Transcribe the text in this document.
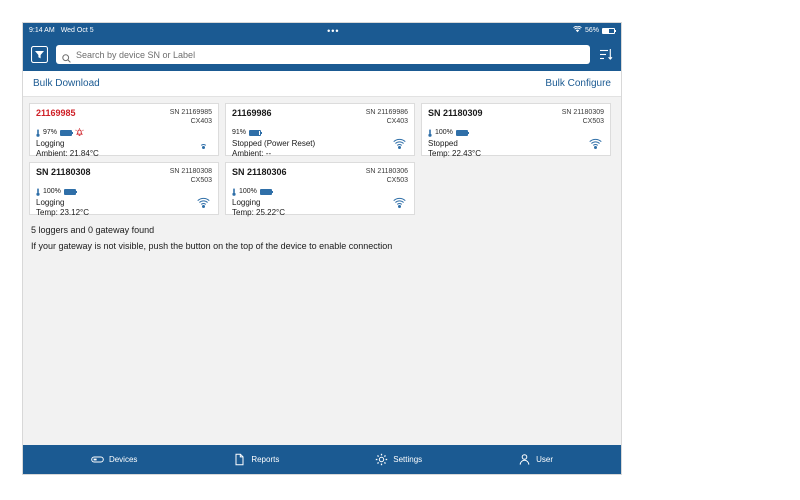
9:14 AM Wed Oct 5	•••	56%
Search by device SN or Label
Bulk Download	Bulk Configure
21169985	SN 21169985
CX403
97%
Logging
Ambient: 21.84°C
21169986	SN 21169986
CX403
91%
Stopped (Power Reset)
Ambient: --
SN 21180309	SN 21180309
CX503
100%
Stopped
Temp: 22.43°C
SN 21180308	SN 21180308
CX503
100%
Logging
Temp: 23.12°C
SN 21180306	SN 21180306
CX503
100%
Logging
Temp: 25.22°C
5 loggers and 0 gateway found
If your gateway is not visible, push the button on the top of the device to enable connection
Devices	Reports	Settings	User
